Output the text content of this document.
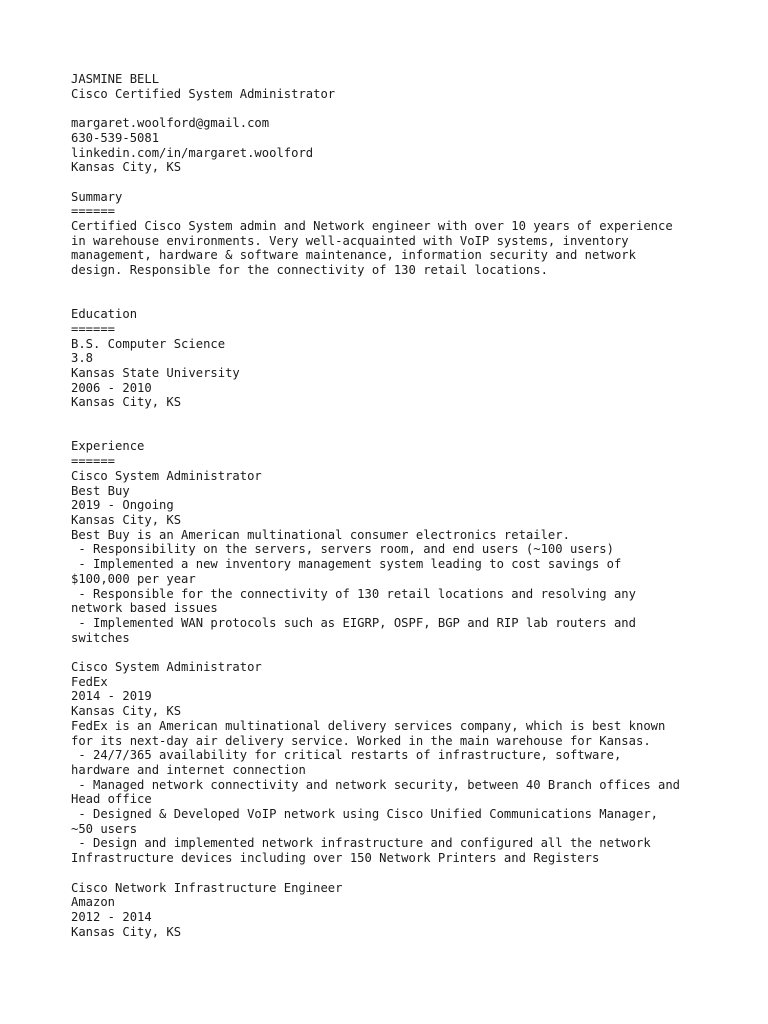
JASMINE BELL
Cisco Certified System Administrator
margaret.woolford@gmail.com
630-539-5081
linkedin.com/in/margaret.woolford
Kansas City, KS
Summary
======
Certified Cisco System admin and Network engineer with over 10 years of experience
in warehouse environments. Very well-acquainted with VoIP systems, inventory
management, hardware & software maintenance, information security and network
design. Responsible for the connectivity of 130 retail locations.
Education
======
B.S. Computer Science
3.8
Kansas State University
2006 - 2010
Kansas City, KS
Experience
======
Cisco System Administrator
Best Buy
2019 - Ongoing
Kansas City, KS
Best Buy is an American multinational consumer electronics retailer.
- Responsibility on the servers, servers room, and end users (~100 users)
- Implemented a new inventory management system leading to cost savings of
$100,000 per year
- Responsible for the connectivity of 130 retail locations and resolving any
network based issues
- Implemented WAN protocols such as EIGRP, OSPF, BGP and RIP lab routers and
switches
Cisco System Administrator
FedEx
2014 - 2019
Kansas City, KS
FedEx is an American multinational delivery services company, which is best known
for its next-day air delivery service. Worked in the main warehouse for Kansas.
- 24/7/365 availability for critical restarts of infrastructure, software,
hardware and internet connection
- Managed network connectivity and network security, between 40 Branch offices and
Head office
- Designed & Developed VoIP network using Cisco Unified Communications Manager,
~50 users
- Design and implemented network infrastructure and configured all the network
Infrastructure devices including over 150 Network Printers and Registers
Cisco Network Infrastructure Engineer
Amazon
2012 - 2014
Kansas City, KS
